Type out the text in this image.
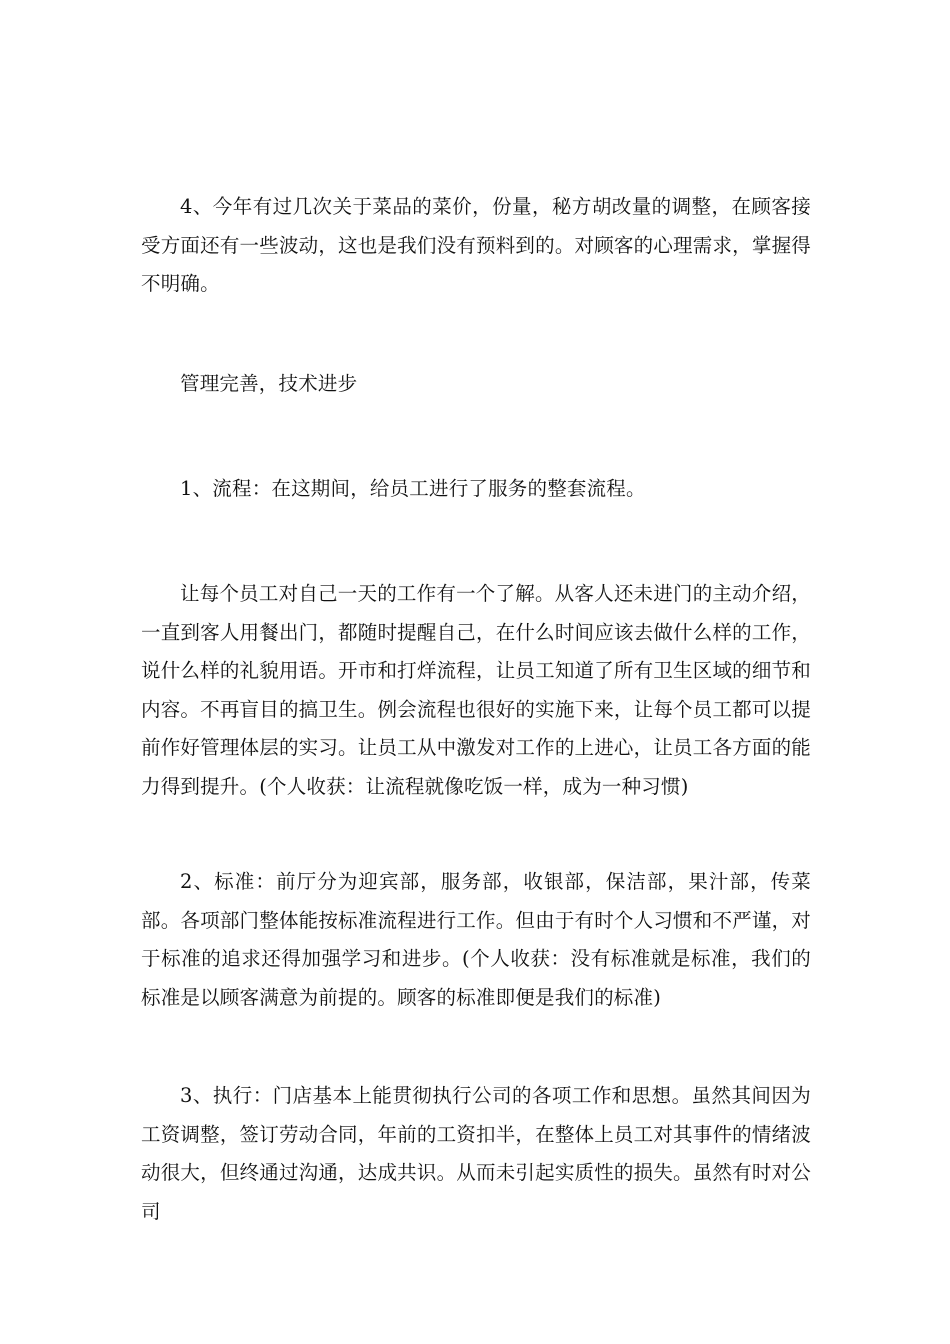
4、今年有过几次关于菜品的菜价，份量，秘方胡改量的调整，在顾客接受方面还有一些波动，这也是我们没有预料到的。对顾客的心理需求，掌握得不明确。

管理完善，技术进步

1、流程：在这期间，给员工进行了服务的整套流程。

让每个员工对自己一天的工作有一个了解。从客人还未进门的主动介绍，一直到客人用餐出门，都随时提醒自己，在什么时间应该去做什么样的工作，说什么样的礼貌用语。开市和打烊流程，让员工知道了所有卫生区域的细节和内容。不再盲目的搞卫生。例会流程也很好的实施下来，让每个员工都可以提前作好管理体层的实习。让员工从中激发对工作的上进心，让员工各方面的能力得到提升。(个人收获：让流程就像吃饭一样，成为一种习惯)

2、标准：前厅分为迎宾部，服务部，收银部，保洁部，果汁部，传菜部。各项部门整体能按标准流程进行工作。但由于有时个人习惯和不严谨，对于标准的追求还得加强学习和进步。(个人收获：没有标准就是标准，我们的标准是以顾客满意为前提的。顾客的标准即便是我们的标准)

3、执行：门店基本上能贯彻执行公司的各项工作和思想。虽然其间因为工资调整，签订劳动合同，年前的工资扣半，在整体上员工对其事件的情绪波动很大，但终通过沟通，达成共识。从而未引起实质性的损失。虽然有时对公司
